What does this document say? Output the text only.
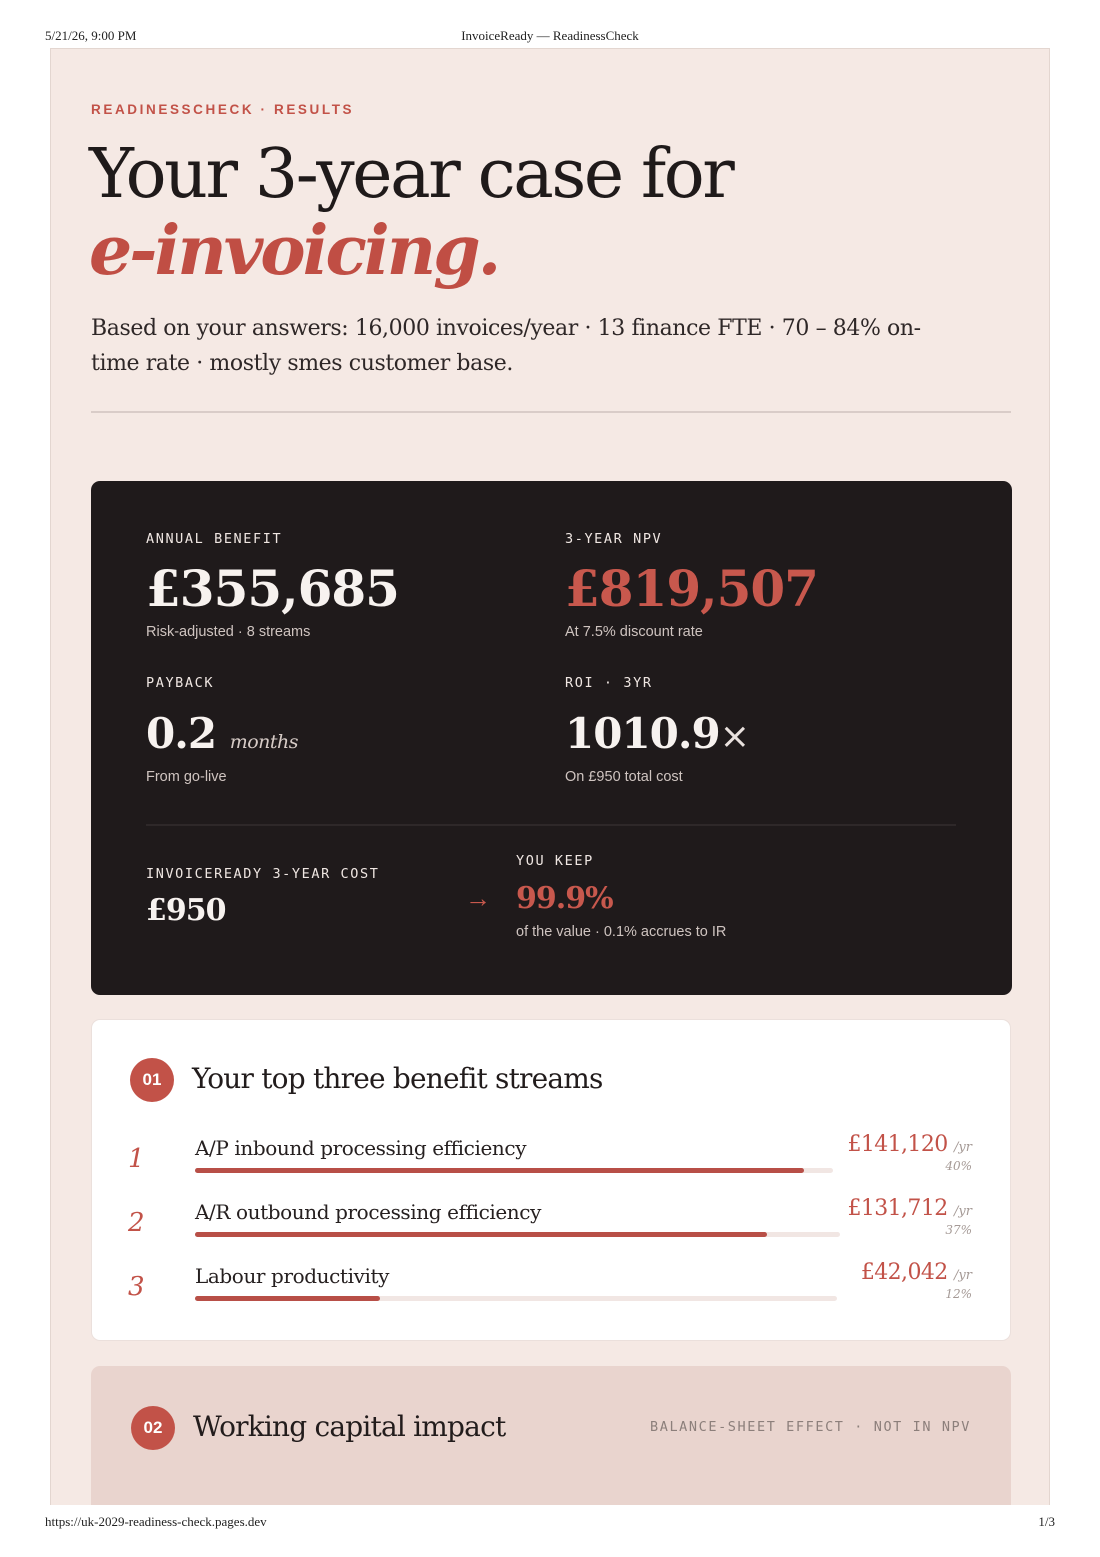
5/21/26, 9:00 PM	InvoiceReady — ReadinessCheck
READINESSCHECK · RESULTS
Your 3-year case for
e-invoicing.

Based on your answers: 16,000 invoices/year · 13 finance FTE · 70 – 84% on-time rate · mostly smes customer base.

ANNUAL BENEFIT
£355,685
Risk-adjusted · 8 streams
3-YEAR NPV
£819,507
At 7.5% discount rate
PAYBACK
0.2 months
From go-live
ROI · 3YR
1010.9×
On £950 total cost
INVOICEREADY 3-YEAR COST
£950	→
YOU KEEP
99.9%
of the value · 0.1% accrues to IR
01	Your top three benefit streams
1	A/P inbound processing efficiency	£141,120 /yr
40%
2	A/R outbound processing efficiency	£131,712 /yr
37%
3	Labour productivity	£42,042 /yr
12%
02	Working capital impact	BALANCE-SHEET EFFECT · NOT IN NPV
https://uk-2029-readiness-check.pages.dev	1/3
